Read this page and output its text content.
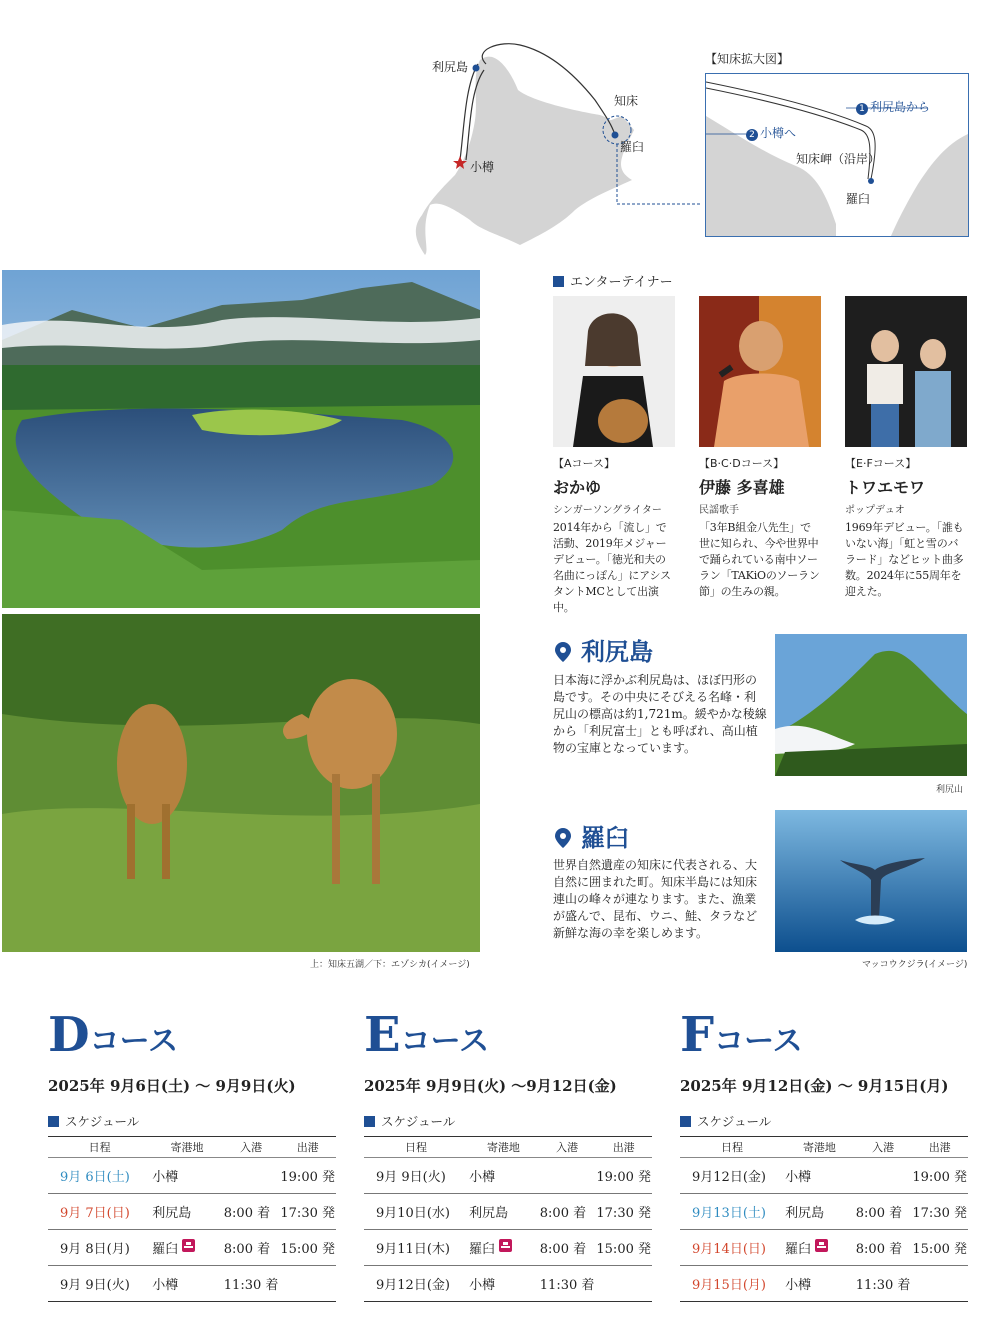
利尻島
小樽
知床
羅臼
【知床拡大図】
1 利尻島から
2 小樽へ
知床岬（沿岸）
羅臼
上：知床五湖／下：エゾシカ(イメージ)
エンターテイナー
【Aコース】
おかゆ
シンガーソングライター
2014年から「流し」で活動、2019年メジャーデビュー。「徳光和夫の名曲にっぽん」にアシスタントMCとして出演中。
【B·C·Dコース】
伊藤 多喜雄
民謡歌手
「3年B組金八先生」で世に知られ、今や世界中で踊られている南中ソーラン「TAKiOのソーラン節」の生みの親。
【E·Fコース】
トワエモワ
ポップデュオ
1969年デビュー。「誰もいない海」「虹と雪のバラード」などヒット曲多数。2024年に55周年を迎えた。
利尻島
日本海に浮かぶ利尻島は、ほぼ円形の島です。その中央にそびえる名峰・利尻山の標高は約1,721m。緩やかな稜線から「利尻富士」とも呼ばれ、高山植物の宝庫となっています。
利尻山
羅臼
世界自然遺産の知床に代表される、大自然に囲まれた町。知床半島には知床連山の峰々が連なります。また、漁業が盛んで、昆布、ウニ、鮭、タラなど新鮮な海の幸を楽しめます。
マッコウクジラ(イメージ)
Dコース
2025年 9月6日(土) ～ 9月9日(火)
スケジュール
日程	寄港地	入港	出港
9月 6日(土)	小樽		19:00 発
9月 7日(日)	利尻島	8:00 着	17:30 発
9月 8日(月)	羅臼	8:00 着	15:00 発
9月 9日(火)	小樽	11:30 着	
Eコース
2025年 9月9日(火) ～9月12日(金)
スケジュール
日程	寄港地	入港	出港
9月 9日(火)	小樽		19:00 発
9月10日(水)	利尻島	8:00 着	17:30 発
9月11日(木)	羅臼	8:00 着	15:00 発
9月12日(金)	小樽	11:30 着	
Fコース
2025年 9月12日(金) ～ 9月15日(月)
スケジュール
日程	寄港地	入港	出港
9月12日(金)	小樽		19:00 発
9月13日(土)	利尻島	8:00 着	17:30 発
9月14日(日)	羅臼	8:00 着	15:00 発
9月15日(月)	小樽	11:30 着	
